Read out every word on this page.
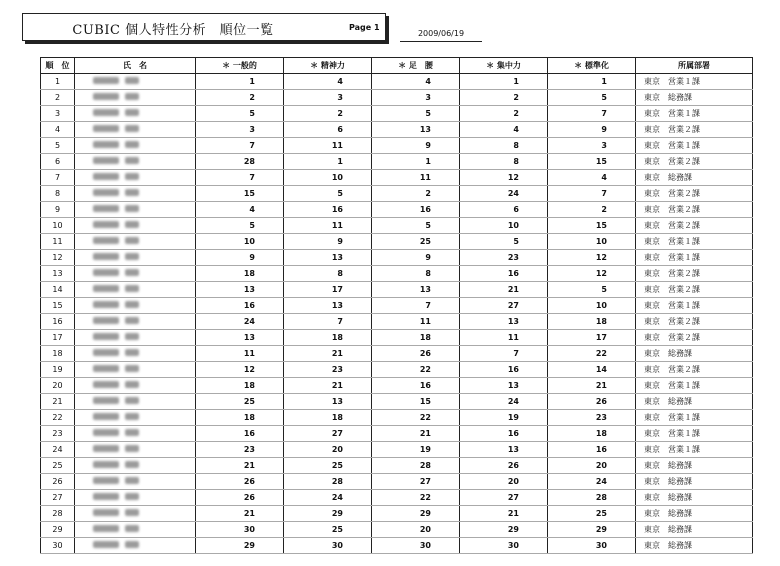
CUBIC 個人特性分析　順位一覧	Page 1
2009/06/19
順　位	氏　名	＊ 一般的	＊ 精神力	＊ 足　腰	＊ 集中力	＊ 標準化	所属部署
1		1	4	4	1	1	東京　営業１課
2		2	3	3	2	5	東京　総務課
3		5	2	5	2	7	東京　営業１課
4		3	6	13	4	9	東京　営業２課
5		7	11	9	8	3	東京　営業１課
6		28	1	1	8	15	東京　営業２課
7		7	10	11	12	4	東京　総務課
8		15	5	2	24	7	東京　営業２課
9		4	16	16	6	2	東京　営業２課
10		5	11	5	10	15	東京　営業２課
11		10	9	25	5	10	東京　営業１課
12		9	13	9	23	12	東京　営業１課
13		18	8	8	16	12	東京　営業２課
14		13	17	13	21	5	東京　営業２課
15		16	13	7	27	10	東京　営業１課
16		24	7	11	13	18	東京　営業２課
17		13	18	18	11	17	東京　営業２課
18		11	21	26	7	22	東京　総務課
19		12	23	22	16	14	東京　営業２課
20		18	21	16	13	21	東京　営業１課
21		25	13	15	24	26	東京　総務課
22		18	18	22	19	23	東京　営業１課
23		16	27	21	16	18	東京　営業１課
24		23	20	19	13	16	東京　営業１課
25		21	25	28	26	20	東京　総務課
26		26	28	27	20	24	東京　総務課
27		26	24	22	27	28	東京　総務課
28		21	29	29	21	25	東京　総務課
29		30	25	20	29	29	東京　総務課
30		29	30	30	30	30	東京　総務課
